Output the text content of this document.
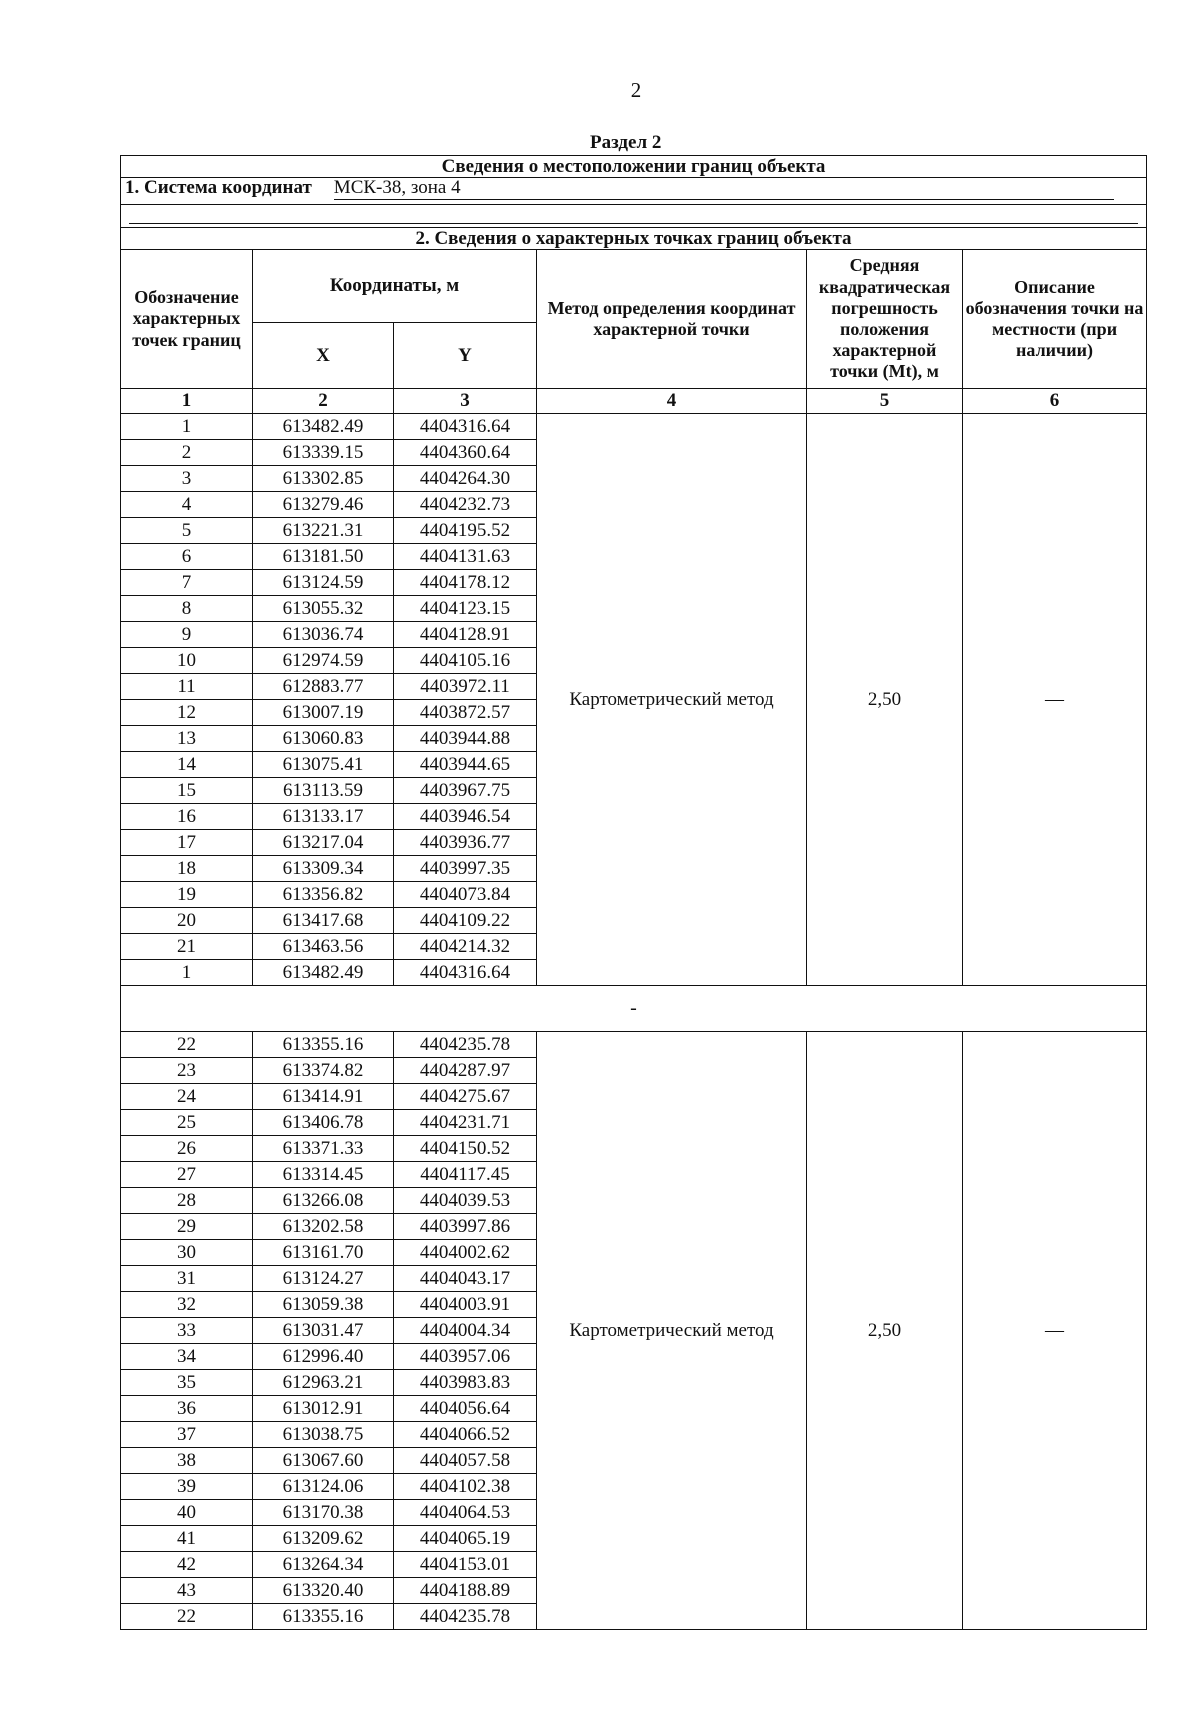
2
Раздел 2
Сведения о местоположении границ объекта					
1. Система координат МСК-38, зона 4					

2. Сведения о характерных точках границ объекта					
Обозначение характерных точек границ	Координаты, м		Метод определения координат характерной точки	Средняя квадратическая погрешность положения характерной точки (Mt), м	Описание обозначения точки на местности (при наличии)
	X	Y			
1	2	3	4	5	6
1	613482.49	4404316.64	Картометрический метод	2,50	—
2	613339.15	4404360.64			
3	613302.85	4404264.30			
4	613279.46	4404232.73			
5	613221.31	4404195.52			
6	613181.50	4404131.63			
7	613124.59	4404178.12			
8	613055.32	4404123.15			
9	613036.74	4404128.91			
10	612974.59	4404105.16			
11	612883.77	4403972.11			
12	613007.19	4403872.57			
13	613060.83	4403944.88			
14	613075.41	4403944.65			
15	613113.59	4403967.75			
16	613133.17	4403946.54			
17	613217.04	4403936.77			
18	613309.34	4403997.35			
19	613356.82	4404073.84			
20	613417.68	4404109.22			
21	613463.56	4404214.32			
1	613482.49	4404316.64			
-					
22	613355.16	4404235.78	Картометрический метод	2,50	—
23	613374.82	4404287.97			
24	613414.91	4404275.67			
25	613406.78	4404231.71			
26	613371.33	4404150.52			
27	613314.45	4404117.45			
28	613266.08	4404039.53			
29	613202.58	4403997.86			
30	613161.70	4404002.62			
31	613124.27	4404043.17			
32	613059.38	4404003.91			
33	613031.47	4404004.34			
34	612996.40	4403957.06			
35	612963.21	4403983.83			
36	613012.91	4404056.64			
37	613038.75	4404066.52			
38	613067.60	4404057.58			
39	613124.06	4404102.38			
40	613170.38	4404064.53			
41	613209.62	4404065.19			
42	613264.34	4404153.01			
43	613320.40	4404188.89			
22	613355.16	4404235.78			
